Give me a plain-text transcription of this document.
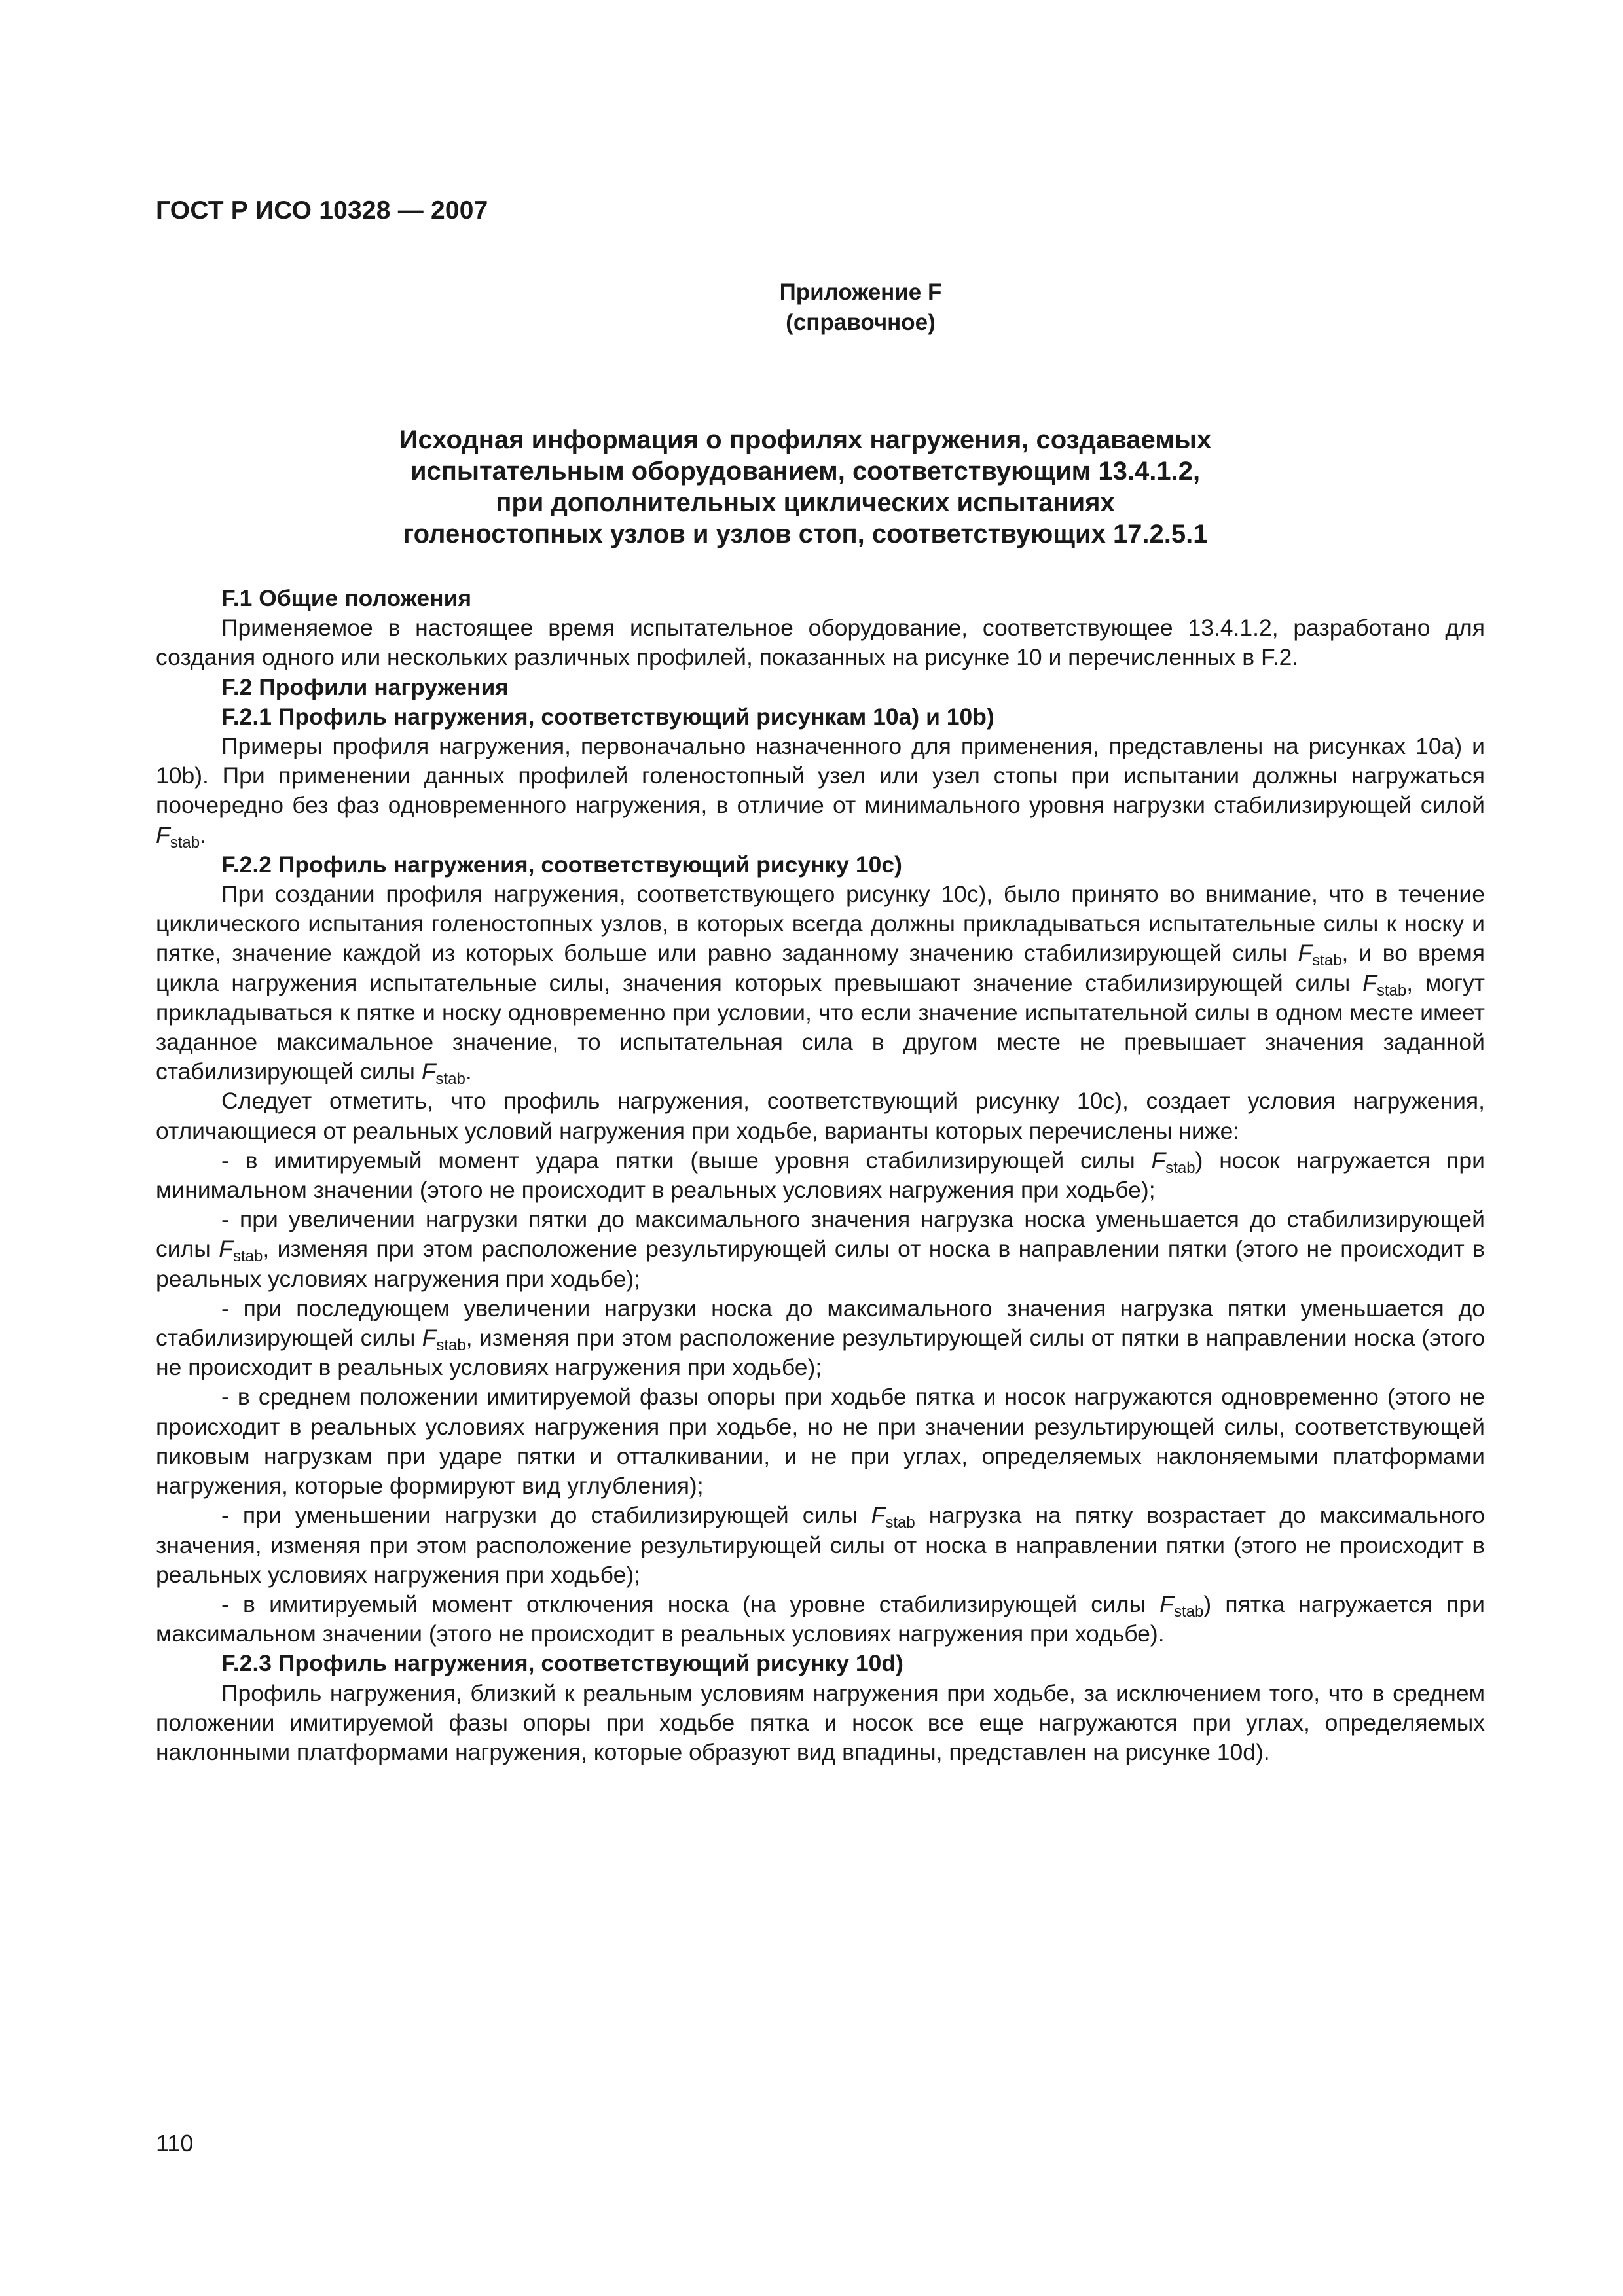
ГОСТ Р ИСО 10328 — 2007
Приложение F
(справочное)
Исходная информация о профилях нагружения, создаваемых
испытательным оборудованием, соответствующим 13.4.1.2,
при дополнительных циклических испытаниях
голеностопных узлов и узлов стоп, соответствующих 17.2.5.1

F.1 Общие положения

Применяемое в настоящее время испытательное оборудование, соответствующее 13.4.1.2, разработано для создания одного или нескольких различных профилей, показанных на рисунке 10 и перечисленных в F.2.

F.2 Профили нагружения

F.2.1 Профиль нагружения, соответствующий рисункам 10а) и 10b)

Примеры профиля нагружения, первоначально назначенного для применения, представлены на рисунках 10а) и 10b). При применении данных профилей голеностопный узел или узел стопы при испытании должны нагружаться поочередно без фаз одновременного нагружения, в отличие от минимального уровня нагрузки стабилизирующей силой $F_{stab}$.

F.2.2 Профиль нагружения, соответствующий рисунку 10с)

При создании профиля нагружения, соответствующего рисунку 10с), было принято во внимание, что в течение циклического испытания голеностопных узлов, в которых всегда должны прикладываться испытательные силы к носку и пятке, значение каждой из которых больше или равно заданному значению стабилизирующей силы $F_{stab}$, и во время цикла нагружения испытательные силы, значения которых превышают значение стабилизирующей силы $F_{stab}$, могут прикладываться к пятке и носку одновременно при условии, что если значение испытательной силы в одном месте имеет заданное максимальное значение, то испытательная сила в другом месте не превышает значения заданной стабилизирующей силы $F_{stab}$.

Следует отметить, что профиль нагружения, соответствующий рисунку 10с), создает условия нагружения, отличающиеся от реальных условий нагружения при ходьбе, варианты которых перечислены ниже:

- в имитируемый момент удара пятки (выше уровня стабилизирующей силы $F_{stab}$) носок нагружается при минимальном значении (этого не происходит в реальных условиях нагружения при ходьбе);

- при увеличении нагрузки пятки до максимального значения нагрузка носка уменьшается до стабилизирующей силы $F_{stab}$, изменяя при этом расположение результирующей силы от носка в направлении пятки (этого не происходит в реальных условиях нагружения при ходьбе);

- при последующем увеличении нагрузки носка до максимального значения нагрузка пятки уменьшается до стабилизирующей силы $F_{stab}$, изменяя при этом расположение результирующей силы от пятки в направлении носка (этого не происходит в реальных условиях нагружения при ходьбе);

- в среднем положении имитируемой фазы опоры при ходьбе пятка и носок нагружаются одновременно (этого не происходит в реальных условиях нагружения при ходьбе, но не при значении результирующей силы, соответствующей пиковым нагрузкам при ударе пятки и отталкивании, и не при углах, определяемых наклоняемыми платформами нагружения, которые формируют вид углубления);

- при уменьшении нагрузки до стабилизирующей силы $F_{stab}$ нагрузка на пятку возрастает до максимального значения, изменяя при этом расположение результирующей силы от носка в направлении пятки (этого не происходит в реальных условиях нагружения при ходьбе);

- в имитируемый момент отключения носка (на уровне стабилизирующей силы $F_{stab}$) пятка нагружается при максимальном значении (этого не происходит в реальных условиях нагружения при ходьбе).

F.2.3 Профиль нагружения, соответствующий рисунку 10d)

Профиль нагружения, близкий к реальным условиям нагружения при ходьбе, за исключением того, что в среднем положении имитируемой фазы опоры при ходьбе пятка и носок все еще нагружаются при углах, определяемых наклонными платформами нагружения, которые образуют вид впадины, представлен на рисунке 10d).

110
